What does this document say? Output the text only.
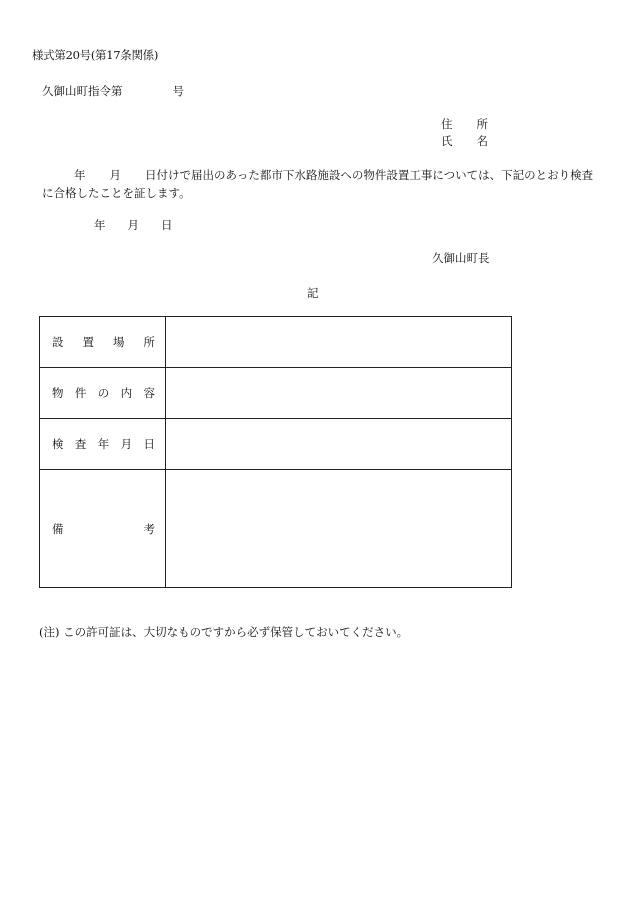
様式第20号(第17条関係)
久御山町指令第	号
住 所
氏 名
年 月 日付けで届出のあった都市下水路施設への物件設置工事については、下記のとおり検査に合格したことを証します。
年 月 日
久御山町長
記
設 置 場 所	

物 件 の 内 容	

検 査 年 月 日	

備 考	

(注) この許可証は、大切なものですから必ず保管しておいてください。
